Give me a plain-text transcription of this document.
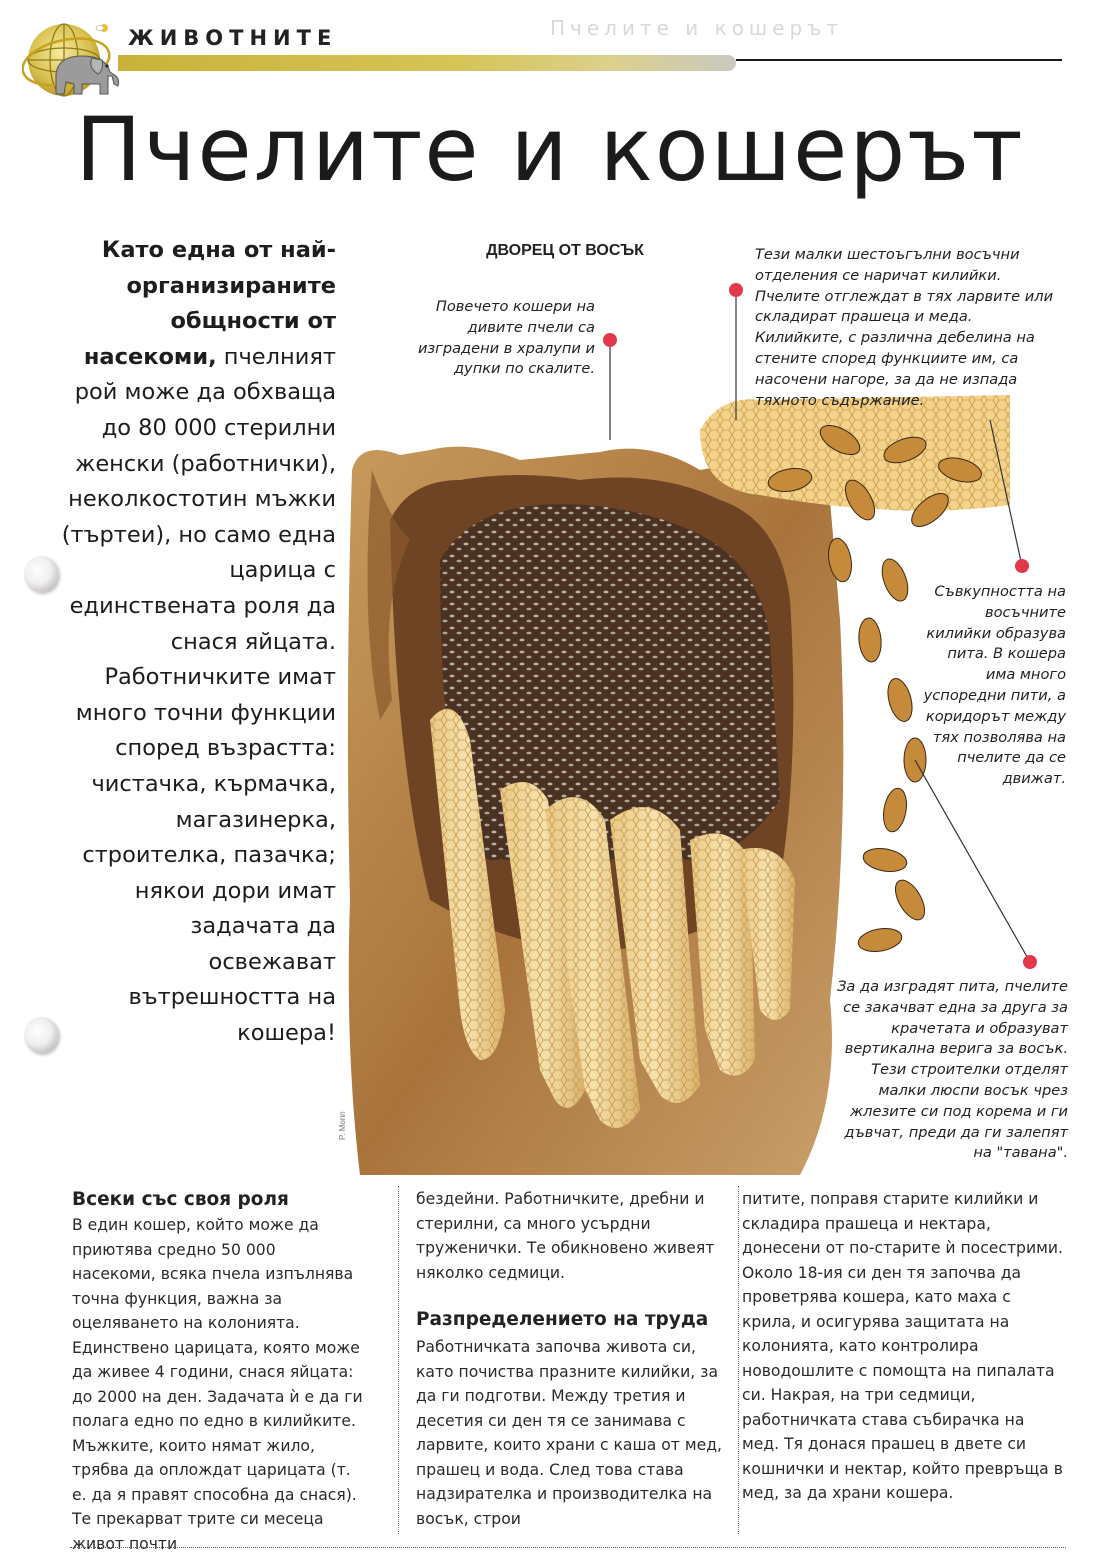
ЖИВОТНИТЕ	Пчелите и кошерът
Пчелите и кошерът
Като една от най-организираните общности от насекоми, пчелният рой може да обхваща до 80 000 стерилни женски (работнички), неколкостотин мъжки (търтеи), но само една царица с единствената роля да снася яйцата. Работничките имат много точни функции според възрастта: чистачка, кърмачка, магазинерка, строителка, пазачка; някои дори имат задачата да освежават вътрешността на кошера!
ДВОРЕЦ ОТ ВОСЪК
Повечето кошери на дивите пчели са изградени в хралупи и дупки по скалите.
Тези малки шестоъгълни восъчни отделения се наричат килийки. Пчелите отглеждат в тях ларвите или складират прашеца и меда. Килийките, с различна дебелина на стените според функциите им, са насочени нагоре, за да не изпада тяхното съдържание.
Съвкупността на восъчните килийки образува пита. В кошера има много успоредни пити, а коридорът между тях позволява на пчелите да се движат.
За да изградят пита, пчелите се закачват една за друга за крачетата и образуват вертикална верига за восък. Тези строителки отделят малки люспи восък чрез жлезите си под корема и ги дъвчат, преди да ги залепят на "тавана".
P. Morin
Всеки със своя роля

В един кошер, който може да приютява средно 50 000 насекоми, всяка пчела изпълнява точна функция, важна за оцеляването на колонията. Единствено царицата, която може да живее 4 години, снася яйцата: до 2000 на ден. Задачата ѝ е да ги полага едно по едно в килийките. Мъжките, които нямат жило, трябва да оплождат царицата (т. е. да я правят способна да снася). Те прекарват трите си месеца живот почти

бездейни. Работничките, дребни и стерилни, са много усърдни труженички. Те обикновено живеят няколко седмици.

Разпределението на труда

Работничката започва живота си, като почиства празните килийки, за да ги подготви. Между третия и десетия си ден тя се занимава с ларвите, които храни с каша от мед, прашец и вода. След това става надзирателка и производителка на восък, строи

питите, поправя старите килийки и складира прашеца и нектара, донесени от по-старите ѝ посестрими. Около 18-ия си ден тя започва да проветрява кошера, като маха с крила, и осигурява защитата на колонията, като контролира новодошлите с помощта на пипалата си. Накрая, на три седмици, работничката става събирачка на мед. Тя донася прашец в двете си кошнички и нектар, който превръща в мед, за да храни кошера.
